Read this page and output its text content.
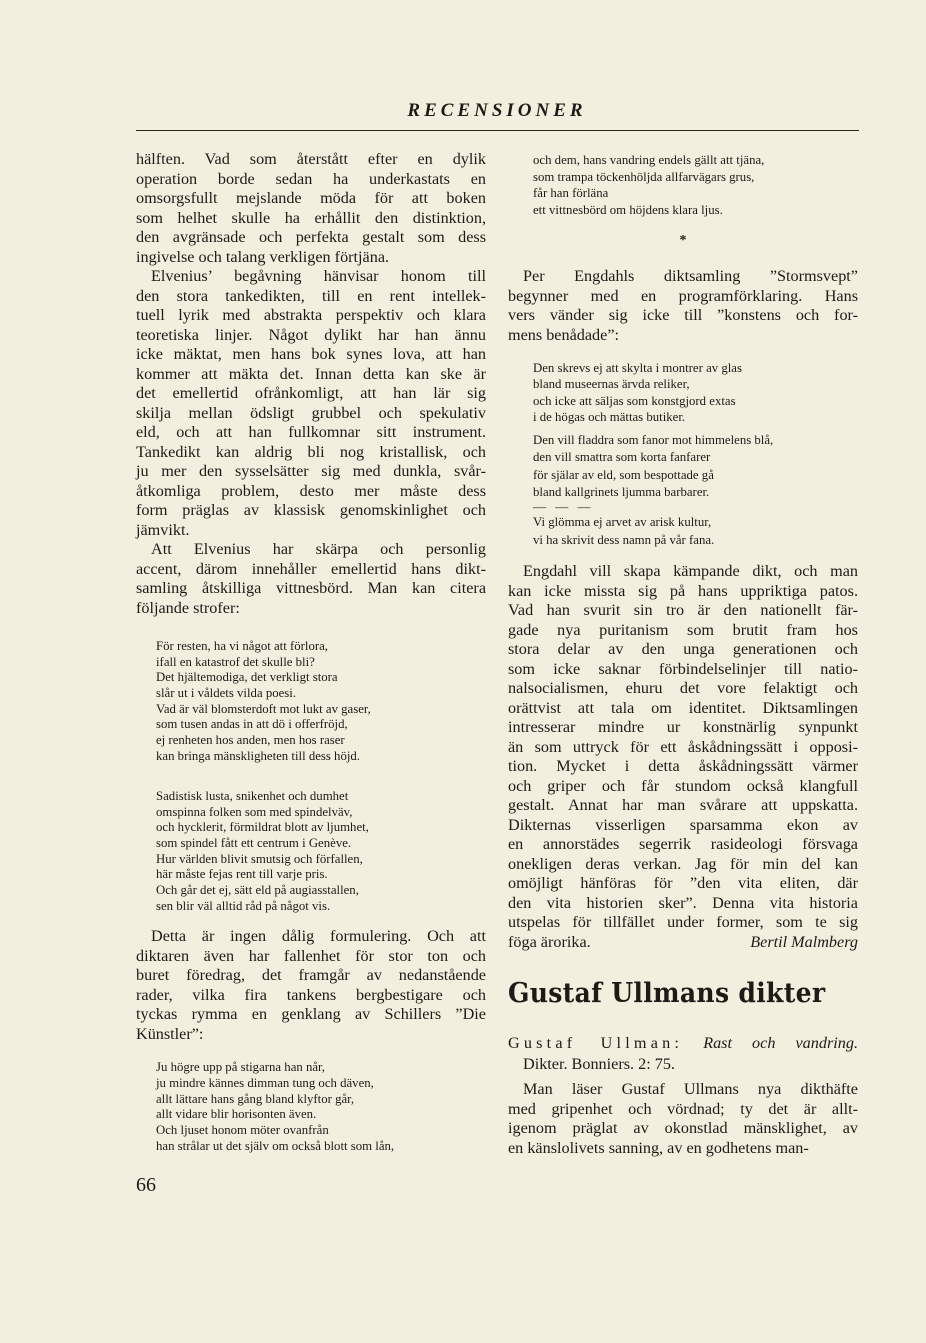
RECENSIONER
66
*
— — —
Gustaf Ullmans dikter
Gustaf Ullman: Rast och vandring.
Dikter. Bonniers. 2: 75.
hälften. Vad som återstått efter en dylik
operation borde sedan ha underkastats en
omsorgsfullt mejslande möda för att boken
som helhet skulle ha erhållit den distinktion,
den avgränsade och perfekta gestalt som dess
ingivelse och talang verkligen förtjäna.
Elvenius’ begåvning hänvisar honom till
den stora tankedikten, till en rent intellek-
tuell lyrik med abstrakta perspektiv och klara
teoretiska linjer. Något dylikt har han ännu
icke mäktat, men hans bok synes lova, att han
kommer att mäkta det. Innan detta kan ske är
det emellertid ofrånkomligt, att han lär sig
skilja mellan ödsligt grubbel och spekulativ
eld, och att han fullkomnar sitt instrument.
Tankedikt kan aldrig bli nog kristallisk, och
ju mer den sysselsätter sig med dunkla, svår-
åtkomliga problem, desto mer måste dess
form präglas av klassisk genomskinlighet och
jämvikt.
Att Elvenius har skärpa och personlig
accent, därom innehåller emellertid hans dikt-
samling åtskilliga vittnesbörd. Man kan citera
följande strofer:
För resten, ha vi något att förlora,
ifall en katastrof det skulle bli?
Det hjältemodiga, det verkligt stora
slår ut i våldets vilda poesi.
Vad är väl blomsterdoft mot lukt av gaser,
som tusen andas in att dö i offerfröjd,
ej renheten hos anden, men hos raser
kan bringa mänskligheten till dess höjd.
Sadistisk lusta, snikenhet och dumhet
omspinna folken som med spindelväv,
och hycklerit, förmildrat blott av ljumhet,
som spindel fått ett centrum i Genève.
Hur världen blivit smutsig och förfallen,
här måste fejas rent till varje pris.
Och går det ej, sätt eld på augiasstallen,
sen blir väl alltid råd på något vis.
Detta är ingen dålig formulering. Och att
diktaren även har fallenhet för stor ton och
buret föredrag, det framgår av nedanstående
rader, vilka fira tankens bergbestigare och
tyckas rymma en genklang av Schillers ”Die
Künstler”:
Ju högre upp på stigarna han når,
ju mindre kännes dimman tung och däven,
allt lättare hans gång bland klyftor går,
allt vidare blir horisonten även.
Och ljuset honom möter ovanfrån
han strålar ut det själv om också blott som lån,
och dem, hans vandring endels gällt att tjäna,
som trampa töckenhöljda allfarvägars grus,
får han förläna
ett vittnesbörd om höjdens klara ljus.
Per Engdahls diktsamling ”Stormsvept”
begynner med en programförklaring. Hans
vers vänder sig icke till ”konstens och for-
mens benådade”:
Den skrevs ej att skylta i montrer av glas
bland museernas ärvda reliker,
och icke att säljas som konstgjord extas
i de högas och mättas butiker.
Den vill fladdra som fanor mot himmelens blå,
den vill smattra som korta fanfarer
för själar av eld, som bespottade gå
bland kallgrinets ljumma barbarer.
Vi glömma ej arvet av arisk kultur,
vi ha skrivit dess namn på vår fana.
Engdahl vill skapa kämpande dikt, och man
kan icke missta sig på hans uppriktiga patos.
Vad han svurit sin tro är den nationellt fär-
gade nya puritanism som brutit fram hos
stora delar av den unga generationen och
som icke saknar förbindelselinjer till natio-
nalsocialismen, ehuru det vore felaktigt och
orättvist att tala om identitet. Diktsamlingen
intresserar mindre ur konstnärlig synpunkt
än som uttryck för ett åskådningssätt i opposi-
tion. Mycket i detta åskådningssätt värmer
och griper och får stundom också klangfull
gestalt. Annat har man svårare att uppskatta.
Dikternas visserligen sparsamma ekon av
en annorstädes segerrik rasideologi försvaga
onekligen deras verkan. Jag för min del kan
omöjligt hänföras för ”den vita eliten, där
den vita historien sker”. Denna vita historia
utspelas för tillfället under former, som te sig
föga ärorika.	Bertil Malmberg
Man läser Gustaf Ullmans nya dikthäfte
med gripenhet och vördnad; ty det är allt-
igenom präglat av okonstlad mänsklighet, av
en känslolivets sanning, av en godhetens man-
